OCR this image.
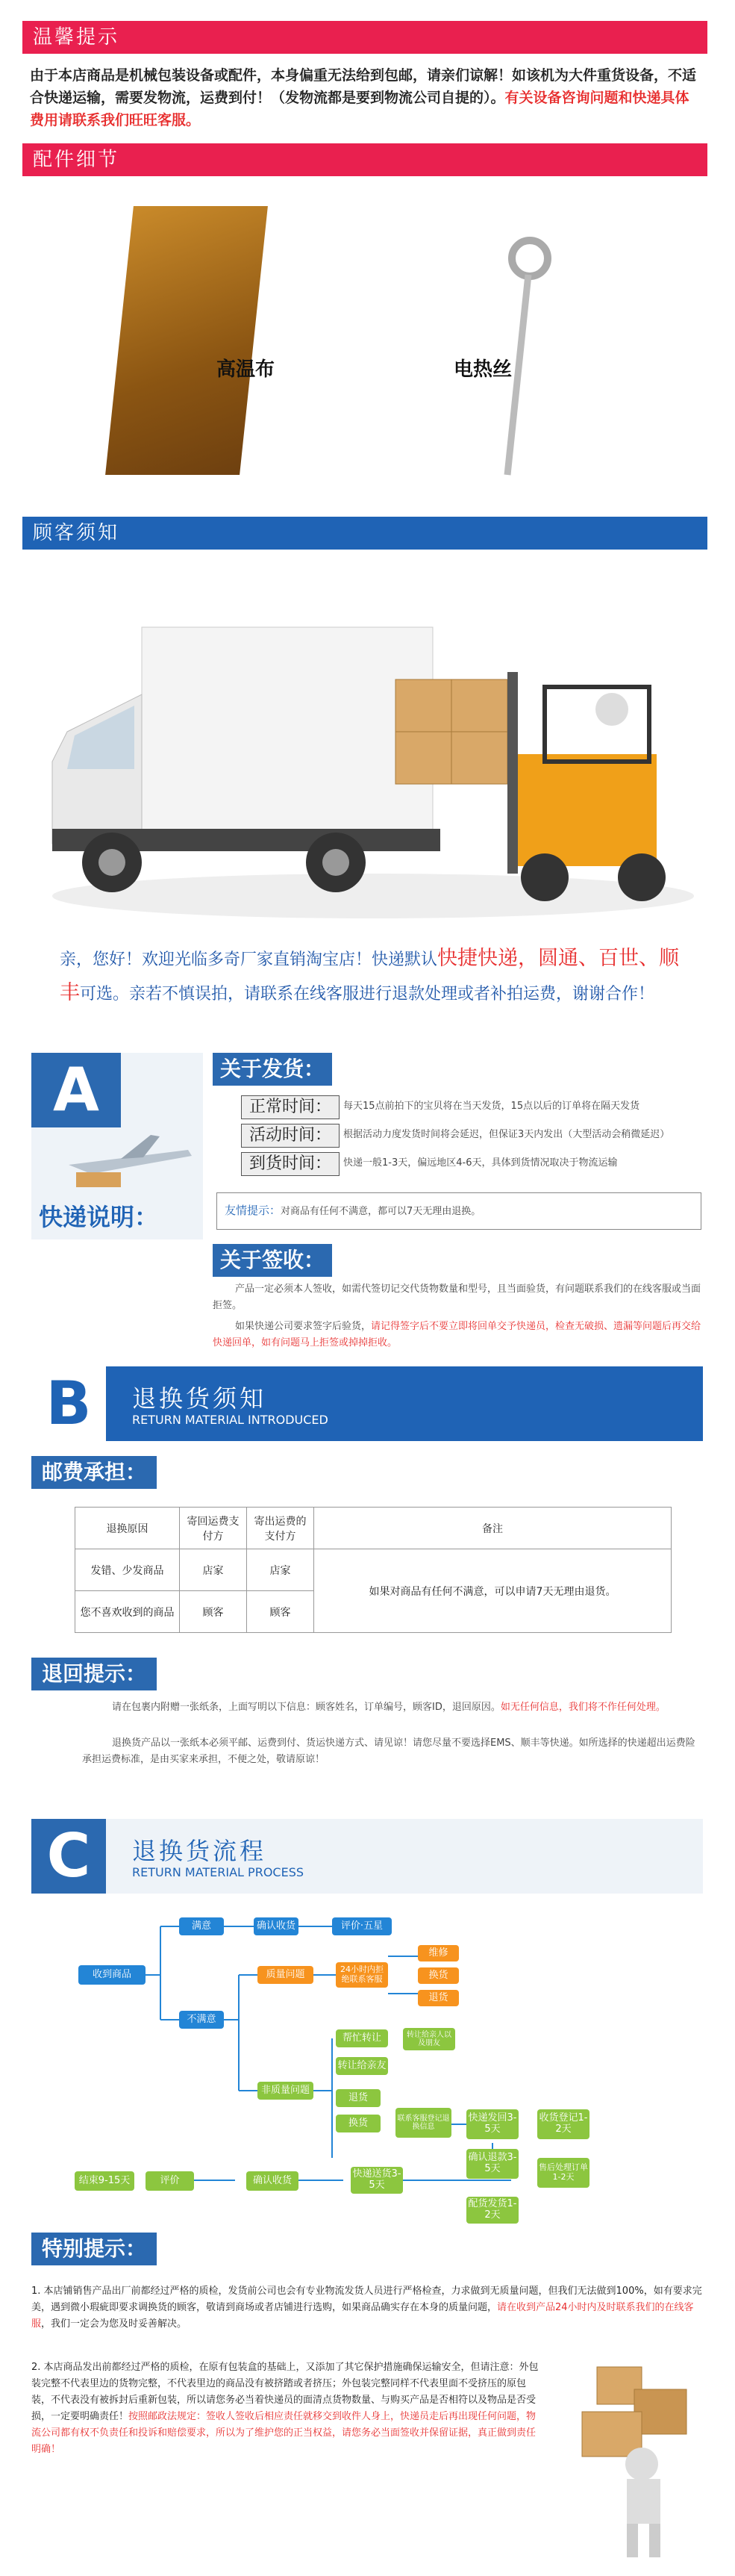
温馨提示
由于本店商品是机械包装设备或配件，本身偏重无法给到包邮，请亲们谅解！如该机为大件重货设备，不适合快递运输，需要发物流，运费到付！（发物流都是要到物流公司自提的）。有关设备咨询问题和快递具体费用请联系我们旺旺客服。
配件细节
高温布	电热丝
顾客须知
亲，您好！欢迎光临多奇厂家直销淘宝店！快递默认快捷快递，圆通、百世、顺丰可选。亲若不慎误拍，请联系在线客服进行退款处理或者补拍运费，谢谢合作！
A
快递说明：
关于发货：
正常时间：	每天15点前拍下的宝贝将在当天发货，15点以后的订单将在隔天发货
活动时间：	根据活动力度发货时间将会延迟，但保证3天内发出（大型活动会稍微延迟）
到货时间：	快递一般1-3天，偏远地区4-6天，具体到货情况取决于物流运输
友情提示：对商品有任何不满意，都可以7天无理由退换。
关于签收：
产品一定必须本人签收，如需代签切记交代货物数量和型号，且当面验货，有问题联系我们的在线客服或当面拒签。
如果快递公司要求签字后验货，请记得签字后不要立即将回单交予快递员，检查无破损、遗漏等问题后再交给快递回单，如有问题马上拒签或掉掉拒收。
B	退换货须知
RETURN MATERIAL INTRODUCED
邮费承担：
退换原因	寄回运费支付方	寄出运费的支付方	备注
发错、少发商品	店家	店家	如果对商品有任何不满意，可以申请7天无理由退货。
您不喜欢收到的商品	顾客	顾客	
退回提示：
请在包裹内附赠一张纸条，上面写明以下信息：顾客姓名，订单编号，顾客ID，退回原因。如无任何信息，我们将不作任何处理。
退换货产品以一张纸本必须平邮、运费到付、货运快递方式、请见谅！请您尽量不要选择EMS、顺丰等快递。如所选择的快递超出运费险承担运费标准，是由买家来承担，不便之处，敬请原谅！
C	退换货流程
RETURN MATERIAL PROCESS
收到商品
满意	确认收货	评价·五星
不满意
质量问题	24小时内拒绝联系客服
维修
换货
退货
帮忙转让	转让给亲人以及朋友
转让给亲友
非质量问题
退货
换货	联系客服登记退换信息
快递发回3-5天
收货登记1-2天
确认退款3-5天	售后处理订单1-2天
快递送货3-5天
确认收货
评价
结束9-15天
配货发货1-2天
特别提示：
1. 本店铺销售产品出厂前都经过严格的质检，发货前公司也会有专业物流发货人员进行严格检查，力求做到无质量问题，但我们无法做到100%，如有要求完美，遇到微小瑕疵即要求调换货的顾客，敬请到商场或者店铺进行选购，如果商品确实存在本身的质量问题，请在收到产品24小时内及时联系我们的在线客服，我们一定会为您及时妥善解决。
2. 本店商品发出前都经过严格的质检，在原有包装盒的基础上，又添加了其它保护措施确保运输安全，但请注意：外包装完整不代表里边的货物完整，不代表里边的商品没有被挤踏或者挤压；外包装完整同样不代表里面不受挤压的原包装，不代表没有被拆封后重新包装，所以请您务必当着快递员的面清点货物数量、与购买产品是否相符以及物品是否受损，一定要明确责任！按照邮政法规定：签收人签收后相应责任就移交到收件人身上，快递员走后再出现任何问题，物流公司都有权不负责任和投诉和赔偿要求，所以为了维护您的正当权益，请您务必当面签收并保留证据，真正做到责任明确！
